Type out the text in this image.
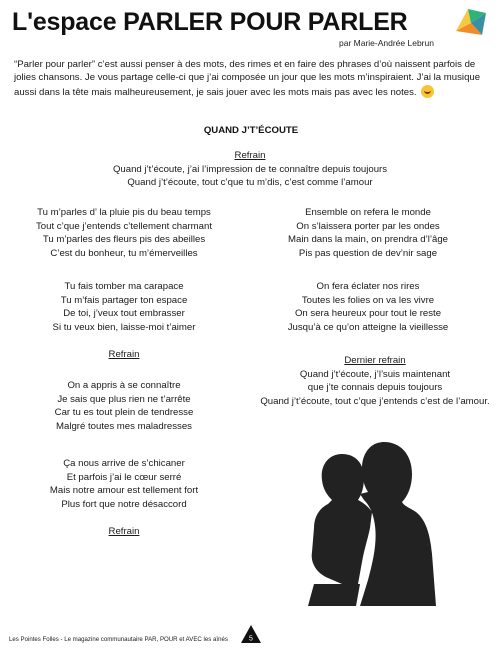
L'espace PARLER POUR PARLER
par Marie-Andrée Lebrun

“Parler pour parler” c’est aussi penser à des mots, des rimes et en faire des phrases d’où naissent parfois de jolies chansons. Je vous partage celle-ci que j’ai composée un jour que les mots m’inspiraient. J’ai la musique aussi dans la tête mais malheureusement, je sais jouer avec les mots mais pas avec les notes.

QUAND J’T’ÉCOUTE
Refrain
Quand j’t’écoute, j’ai l’impression de te connaître depuis toujours
Quand j’t’écoute, tout c’que tu m’dis, c’est comme l’amour
Tu m’parles d’ la pluie pis du beau temps
Tout c’que j’entends c’tellement charmant
Tu m’parles des fleurs pis des abeilles
C’est du bonheur, tu m’émerveilles
Tu fais tomber ma carapace
Tu m’fais partager ton espace
De toi, j’veux tout embrasser
Si tu veux bien, laisse-moi t’aimer
Refrain
On a appris à se connaître
Je sais que plus rien ne t’arrête
Car tu es tout plein de tendresse
Malgré toutes mes maladresses
Ça nous arrive de s’chicaner
Et parfois j’ai le cœur serré
Mais notre amour est tellement fort
Plus fort que notre désaccord
Refrain
Ensemble on refera le monde
On s’laissera porter par les ondes
Main dans la main, on prendra d’l’âge
Pis pas question de dev’nir sage
On fera éclater nos rires
Toutes les folies on va les vivre
On sera heureux pour tout le reste
Jusqu’à ce qu’on atteigne la vieillesse
Dernier refrain
Quand j’t’écoute, j’l’suis maintenant
que j’te connais depuis toujours
Quand j’t’écoute, tout c’que j’entends c’est de l’amour.
Les Pointes Folles - Le magazine communautaire PAR, POUR et AVEC les aînés	5
